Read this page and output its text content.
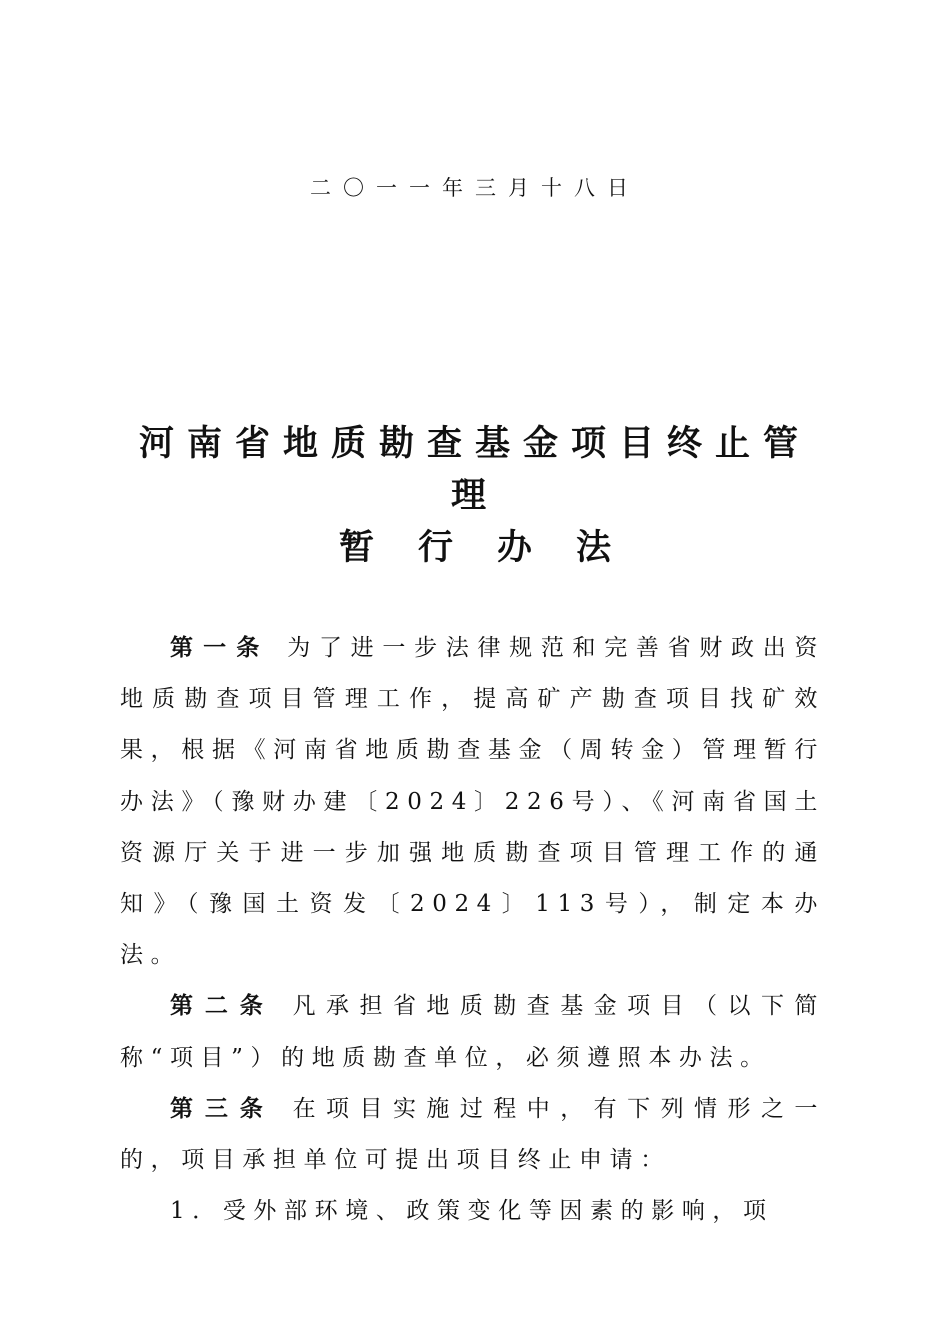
二〇一一年三月十八日
河南省地质勘查基金项目终止管
理
暂行办法

第一条 为了进一步法律规范和完善省财政出资地质勘查项目管理工作，提高矿产勘查项目找矿效果，根据《河南省地质勘查基金（周转金）管理暂行办法》（豫财办建〔2024〕226号）、《河南省国土资源厅关于进一步加强地质勘查项目管理工作的通知》（豫国土资发〔2024〕113号），制定本办法。

第二条 凡承担省地质勘查基金项目（以下简称“项目”）的地质勘查单位，必须遵照本办法。

第三条 在项目实施过程中，有下列情形之一的，项目承担单位可提出项目终止申请：

1．受外部环境、政策变化等因素的影响，项
